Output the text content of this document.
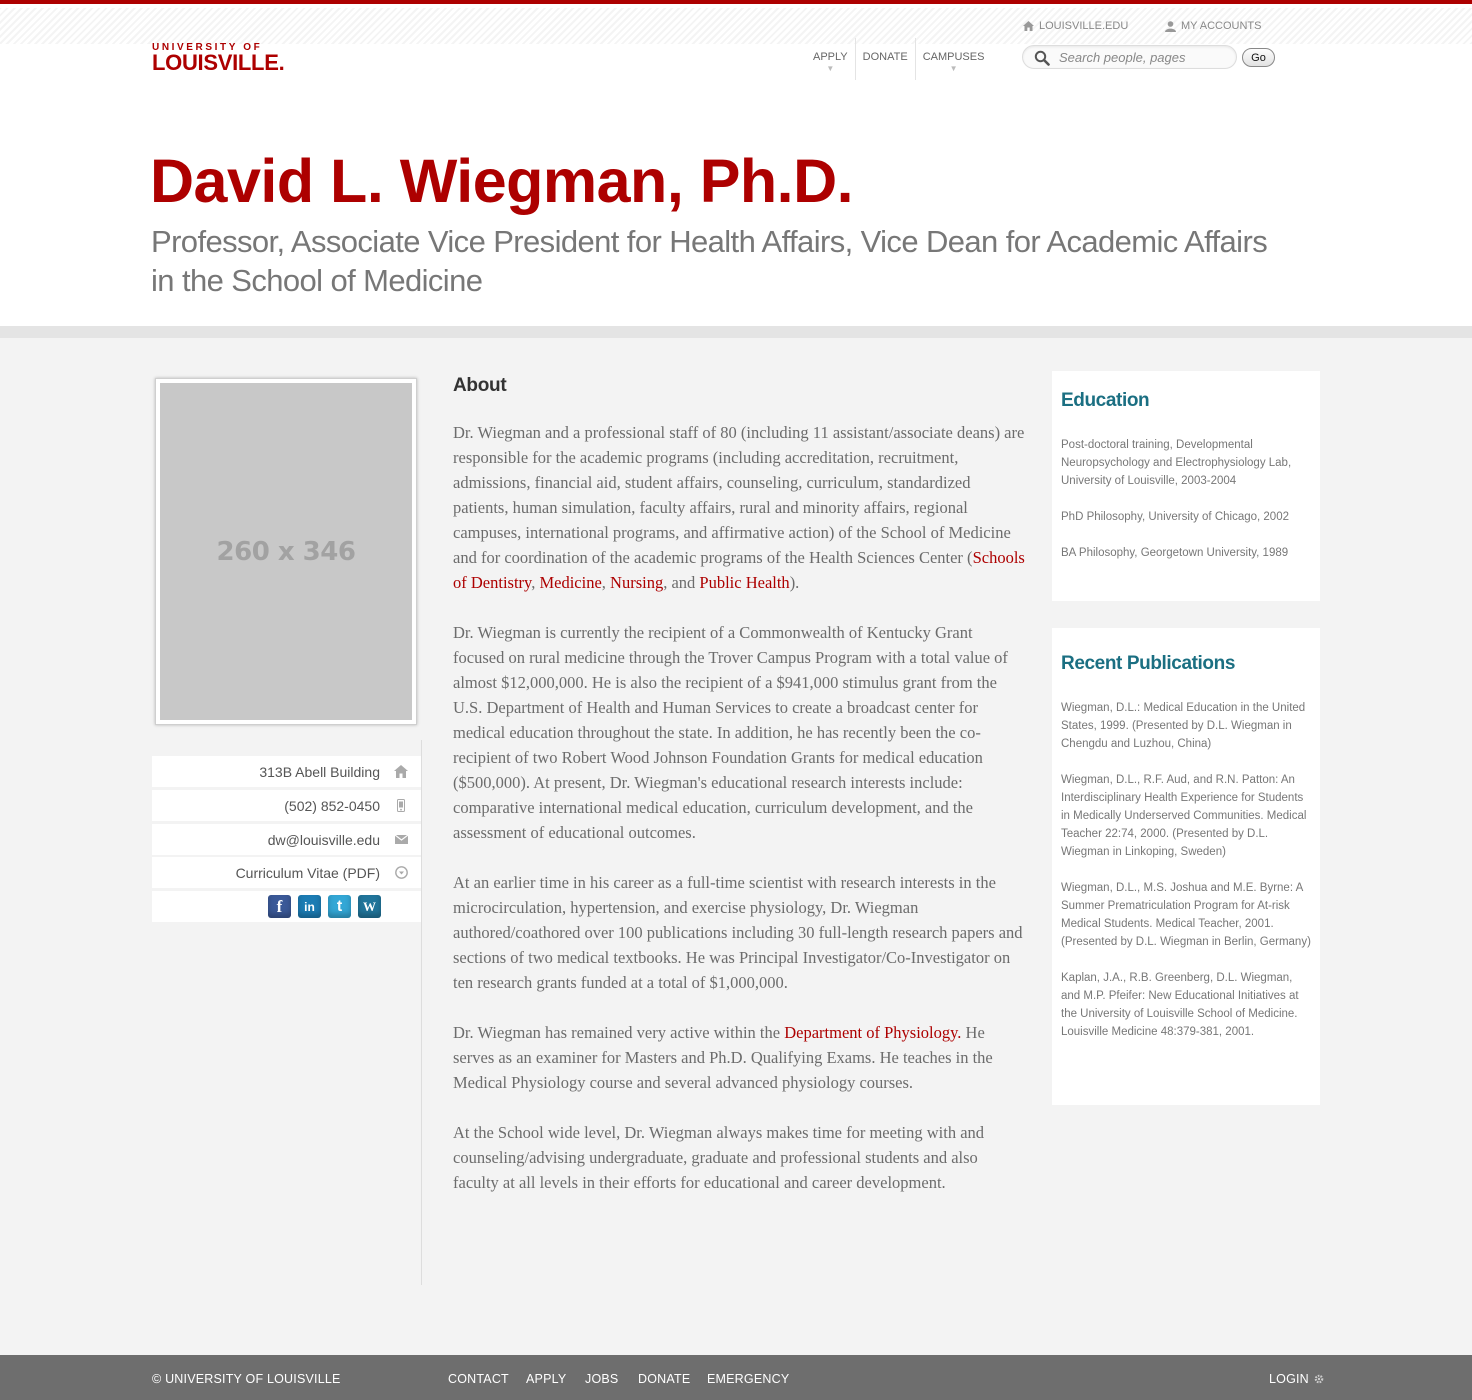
UNIVERSITY OF
LOUISVILLE.
LOUISVILLE.EDU	MY ACCOUNTS
APPLY
▼
DONATE	CAMPUSES
▼
Search people, pages
Go
David L. Wiegman, Ph.D.
Professor, Associate Vice President for Health Affairs, Vice Dean for Academic Affairs in the School of Medicine
260 x 346
313B Abell Building
(502) 852-0450
dw@louisville.edu
Curriculum Vitae (PDF)
f in t W
About

Dr. Wiegman and a professional staff of 80 (including 11 assistant/associate deans) are responsible for the academic programs (including accreditation, recruitment, admissions, financial aid, student affairs, counseling, curriculum, standardized patients, human simulation, faculty affairs, rural and minority affairs, regional campuses, international programs, and affirmative action) of the School of Medicine and for coordination of the academic programs of the Health Sciences Center (Schools of Dentistry, Medicine, Nursing, and Public Health).

Dr. Wiegman is currently the recipient of a Commonwealth of Kentucky Grant focused on rural medicine through the Trover Campus Program with a total value of almost $12,000,000. He is also the recipient of a $941,000 stimulus grant from the U.S. Department of Health and Human Services to create a broadcast center for medical education throughout the state. In addition, he has recently been the co-recipient of two Robert Wood Johnson Foundation Grants for medical education ($500,000). At present, Dr. Wiegman's educational research interests include: comparative international medical education, curriculum development, and the assessment of educational outcomes.

At an earlier time in his career as a full-time scientist with research interests in the microcirculation, hypertension, and exercise physiology, Dr. Wiegman authored/coathored over 100 publications including 30 full-length research papers and sections of two medical textbooks. He was Principal Investigator/Co-Investigator on ten research grants funded at a total of $1,000,000.

Dr. Wiegman has remained very active within the Department of Physiology. He serves as an examiner for Masters and Ph.D. Qualifying Exams. He teaches in the Medical Physiology course and several advanced physiology courses.

At the School wide level, Dr. Wiegman always makes time for meeting with and counseling/advising undergraduate, graduate and professional students and also faculty at all levels in their efforts for educational and career development.

Education

Post-doctoral training, Developmental Neuropsychology and Electrophysiology Lab, University of Louisville, 2003-2004

PhD Philosophy, University of Chicago, 2002

BA Philosophy, Georgetown University, 1989

Recent Publications

Wiegman, D.L.: Medical Education in the United States, 1999. (Presented by D.L. Wiegman in Chengdu and Luzhou, China)

Wiegman, D.L., R.F. Aud, and R.N. Patton: An Interdisciplinary Health Experience for Students in Medically Underserved Communities. Medical Teacher 22:74, 2000. (Presented by D.L. Wiegman in Linkoping, Sweden)

Wiegman, D.L., M.S. Joshua and M.E. Byrne: A Summer Prematriculation Program for At-risk Medical Students. Medical Teacher, 2001. (Presented by D.L. Wiegman in Berlin, Germany)

Kaplan, J.A., R.B. Greenberg, D.L. Wiegman, and M.P. Pfeifer: New Educational Initiatives at the University of Louisville School of Medicine. Louisville Medicine 48:379-381, 2001.

© UNIVERSITY OF LOUISVILLE	CONTACT APPLY JOBS DONATE EMERGENCY	LOGIN
